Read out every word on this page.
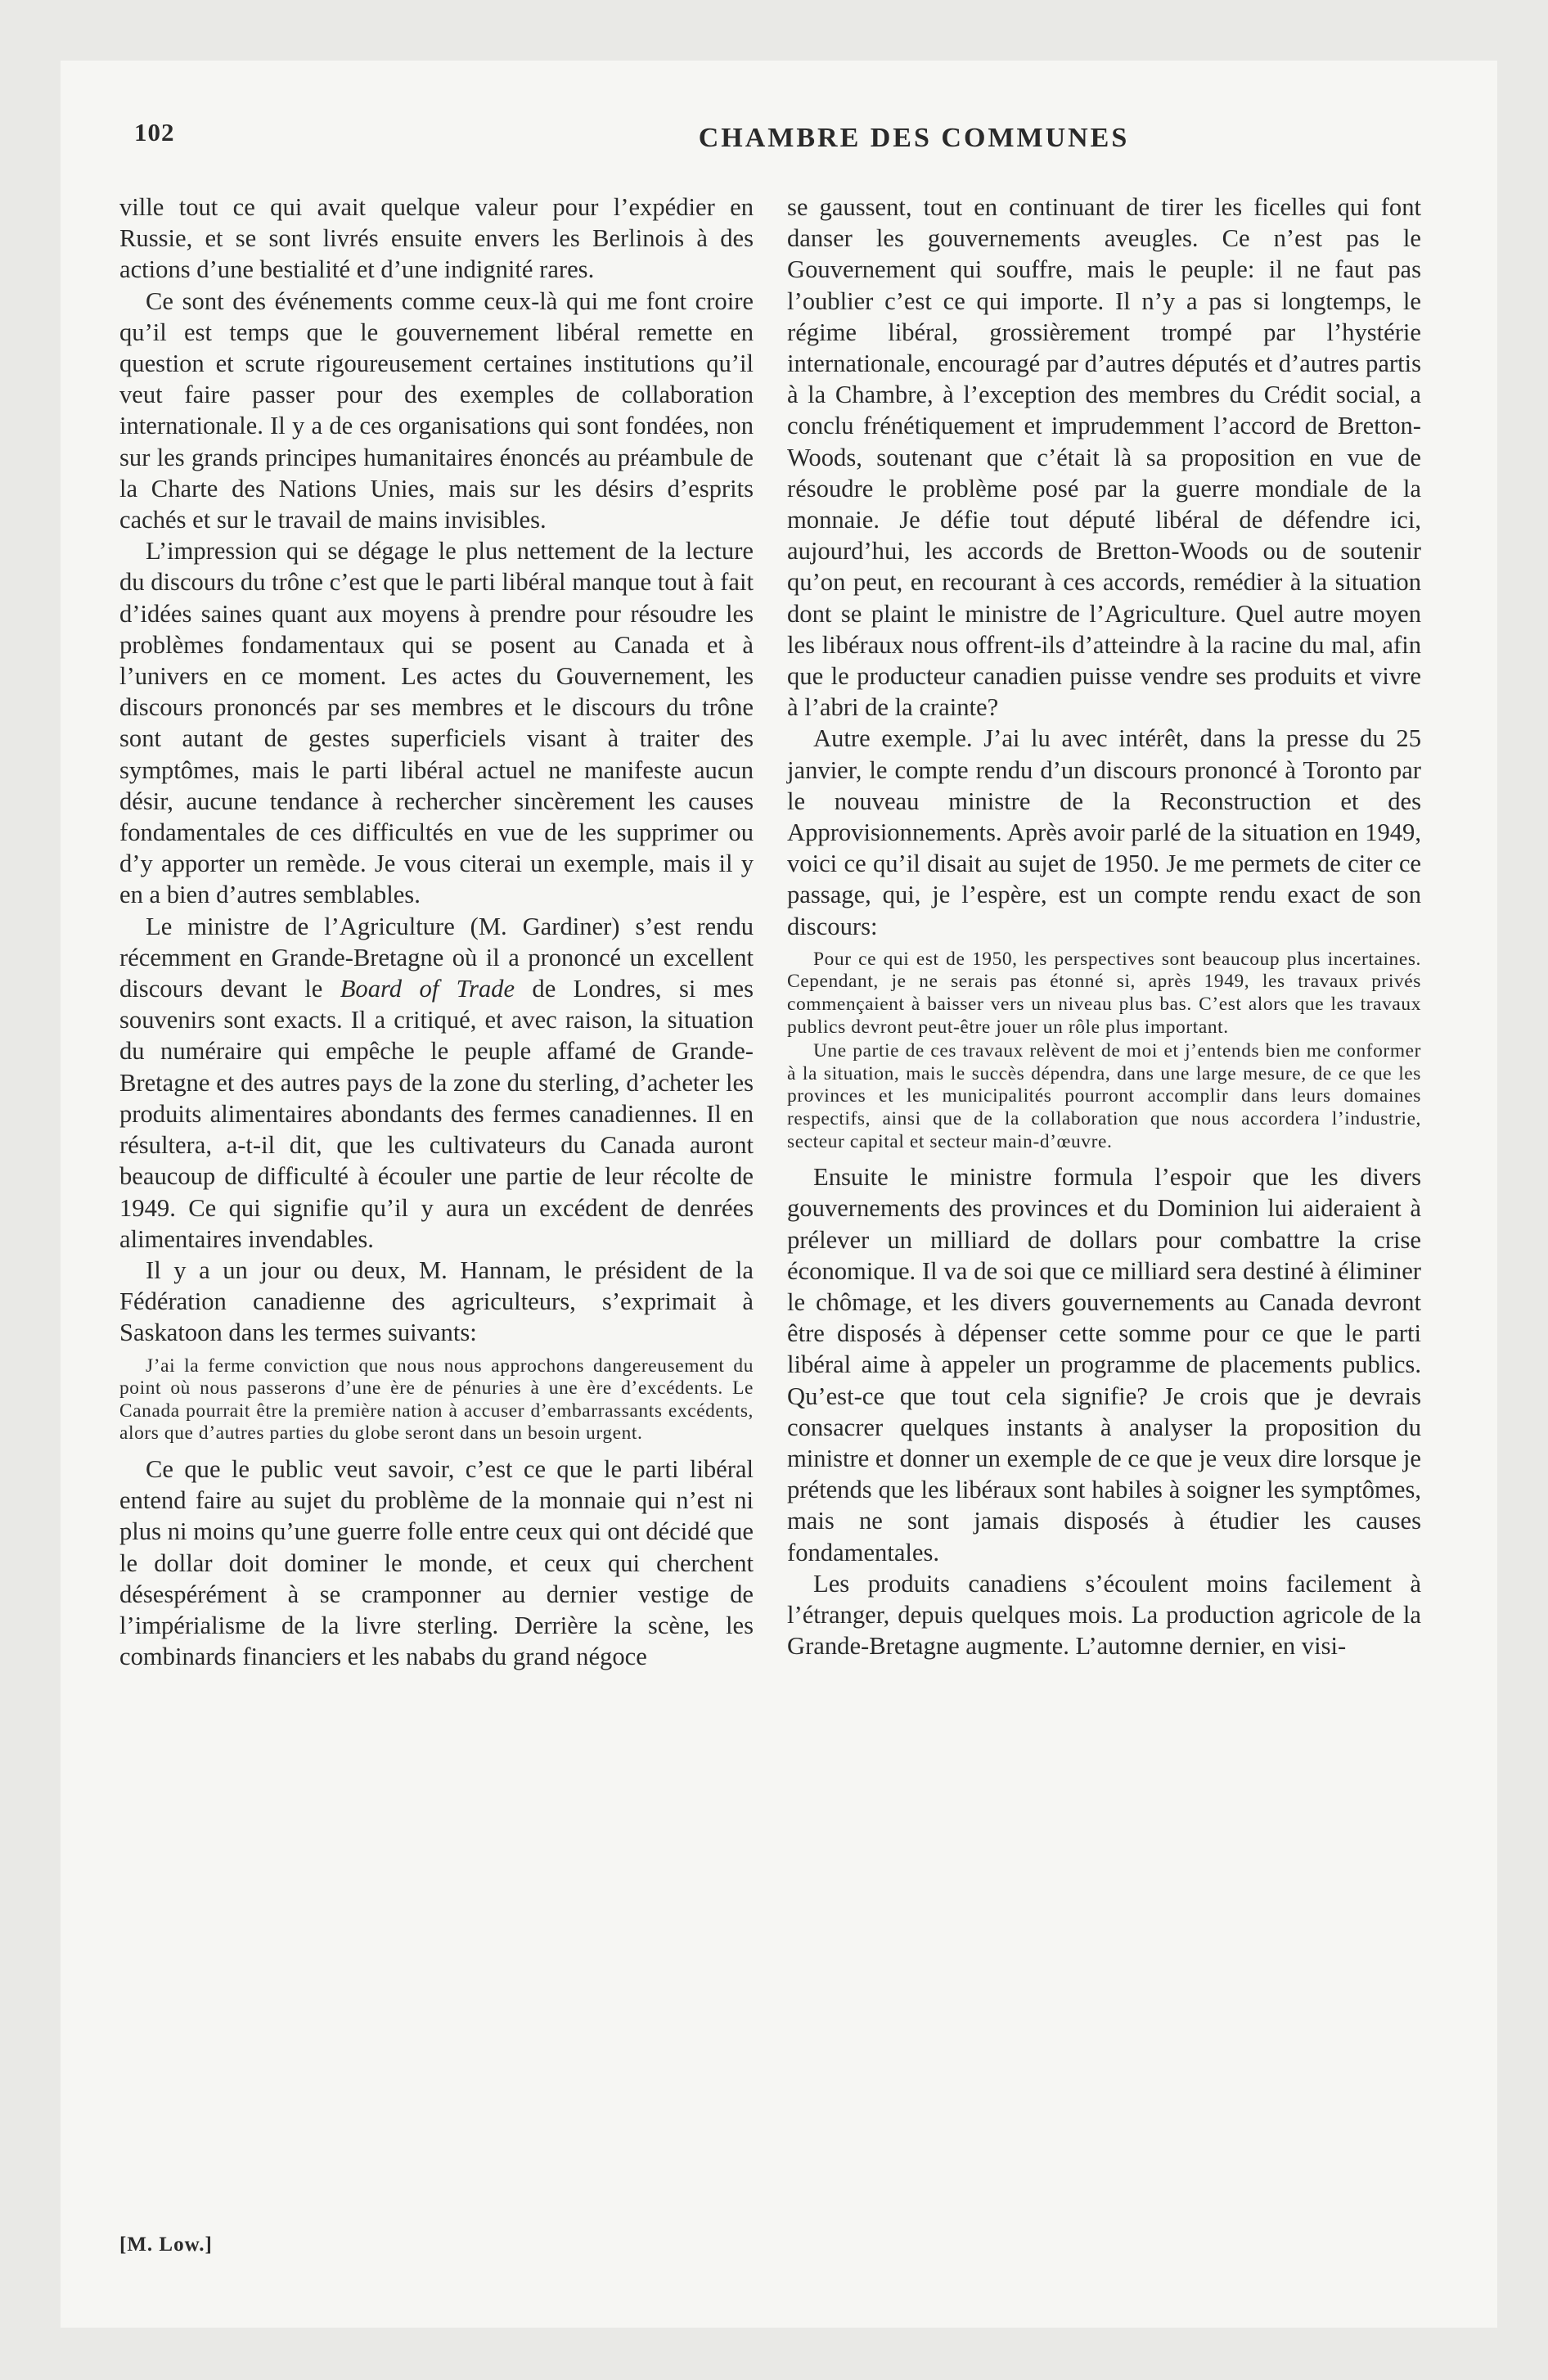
102	CHAMBRE DES COMMUNES

ville tout ce qui avait quelque valeur pour l’expédier en Russie, et se sont livrés ensuite envers les Berlinois à des actions d’une bestialité et d’une indignité rares.

Ce sont des événements comme ceux-là qui me font croire qu’il est temps que le gouvernement libéral remette en question et scrute rigoureusement certaines institutions qu’il veut faire passer pour des exemples de collaboration internationale. Il y a de ces organisations qui sont fondées, non sur les grands principes humanitaires énoncés au préambule de la Charte des Nations Unies, mais sur les désirs d’esprits cachés et sur le travail de mains invisibles.

L’impression qui se dégage le plus nettement de la lecture du discours du trône c’est que le parti libéral manque tout à fait d’idées saines quant aux moyens à prendre pour résoudre les problèmes fondamentaux qui se posent au Canada et à l’univers en ce moment. Les actes du Gouvernement, les discours prononcés par ses membres et le discours du trône sont autant de gestes superficiels visant à traiter des symptômes, mais le parti libéral actuel ne manifeste aucun désir, aucune tendance à rechercher sincèrement les causes fondamentales de ces difficultés en vue de les supprimer ou d’y apporter un remède. Je vous citerai un exemple, mais il y en a bien d’autres semblables.

Le ministre de l’Agriculture (M. Gardiner) s’est rendu récemment en Grande-Bretagne où il a prononcé un excellent discours devant le Board of Trade de Londres, si mes souvenirs sont exacts. Il a critiqué, et avec raison, la situation du numéraire qui empêche le peuple affamé de Grande-Bretagne et des autres pays de la zone du sterling, d’acheter les produits alimentaires abondants des fermes canadiennes. Il en résultera, a-t-il dit, que les cultivateurs du Canada auront beaucoup de difficulté à écouler une partie de leur récolte de 1949. Ce qui signifie qu’il y aura un excédent de denrées alimentaires invendables.

Il y a un jour ou deux, M. Hannam, le président de la Fédération canadienne des agriculteurs, s’exprimait à Saskatoon dans les termes suivants:

J’ai la ferme conviction que nous nous approchons dangereusement du point où nous passerons d’une ère de pénuries à une ère d’excédents. Le Canada pourrait être la première nation à accuser d’embarrassants excédents, alors que d’autres parties du globe seront dans un besoin urgent.

Ce que le public veut savoir, c’est ce que le parti libéral entend faire au sujet du problème de la monnaie qui n’est ni plus ni moins qu’une guerre folle entre ceux qui ont décidé que le dollar doit dominer le monde, et ceux qui cherchent désespérément à se cramponner au dernier vestige de l’impérialisme de la livre sterling. Derrière la scène, les combinards financiers et les nababs du grand négoce

se gaussent, tout en continuant de tirer les ficelles qui font danser les gouvernements aveugles. Ce n’est pas le Gouvernement qui souffre, mais le peuple: il ne faut pas l’oublier c’est ce qui importe. Il n’y a pas si longtemps, le régime libéral, grossièrement trompé par l’hystérie internationale, encouragé par d’autres députés et d’autres partis à la Chambre, à l’exception des membres du Crédit social, a conclu frénétiquement et imprudemment l’accord de Bretton-Woods, soutenant que c’était là sa proposition en vue de résoudre le problème posé par la guerre mondiale de la monnaie. Je défie tout député libéral de défendre ici, aujourd’hui, les accords de Bretton-Woods ou de soutenir qu’on peut, en recourant à ces accords, remédier à la situation dont se plaint le ministre de l’Agriculture. Quel autre moyen les libéraux nous offrent-ils d’atteindre à la racine du mal, afin que le producteur canadien puisse vendre ses produits et vivre à l’abri de la crainte?

Autre exemple. J’ai lu avec intérêt, dans la presse du 25 janvier, le compte rendu d’un discours prononcé à Toronto par le nouveau ministre de la Reconstruction et des Approvisionnements. Après avoir parlé de la situation en 1949, voici ce qu’il disait au sujet de 1950. Je me permets de citer ce passage, qui, je l’espère, est un compte rendu exact de son discours:

Pour ce qui est de 1950, les perspectives sont beaucoup plus incertaines. Cependant, je ne serais pas étonné si, après 1949, les travaux privés commençaient à baisser vers un niveau plus bas. C’est alors que les travaux publics devront peut-être jouer un rôle plus important.

Une partie de ces travaux relèvent de moi et j’entends bien me conformer à la situation, mais le succès dépendra, dans une large mesure, de ce que les provinces et les municipalités pourront accomplir dans leurs domaines respectifs, ainsi que de la collaboration que nous accordera l’industrie, secteur capital et secteur main-d’œuvre.

Ensuite le ministre formula l’espoir que les divers gouvernements des provinces et du Dominion lui aideraient à prélever un milliard de dollars pour combattre la crise économique. Il va de soi que ce milliard sera destiné à éliminer le chômage, et les divers gouvernements au Canada devront être disposés à dépenser cette somme pour ce que le parti libéral aime à appeler un programme de placements publics. Qu’est-ce que tout cela signifie? Je crois que je devrais consacrer quelques instants à analyser la proposition du ministre et donner un exemple de ce que je veux dire lorsque je prétends que les libéraux sont habiles à soigner les symptômes, mais ne sont jamais disposés à étudier les causes fondamentales.

Les produits canadiens s’écoulent moins facilement à l’étranger, depuis quelques mois. La production agricole de la Grande-Bretagne augmente. L’automne dernier, en visi-

[M. Low.]
